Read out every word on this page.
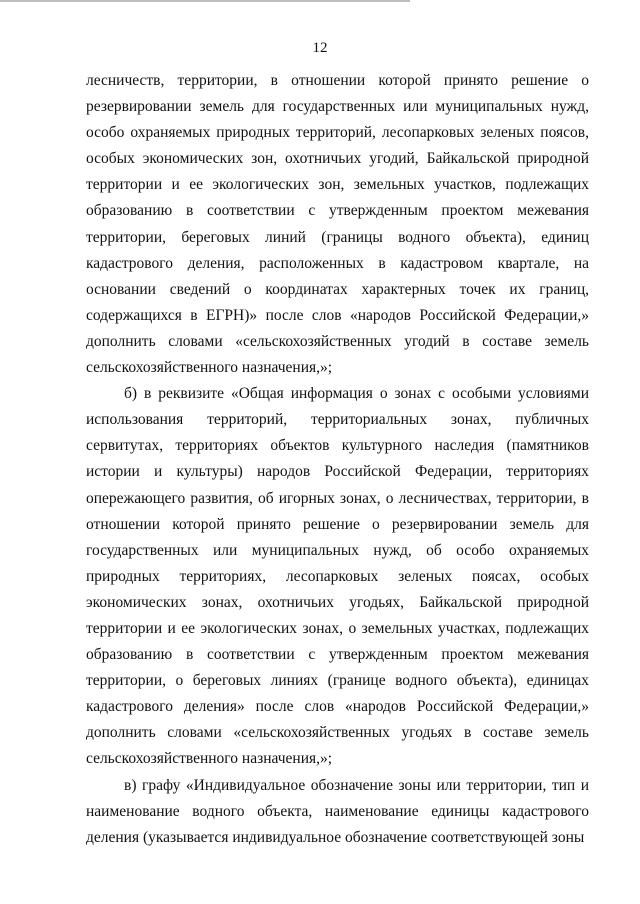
12

лесничеств, территории, в отношении которой принято решение о резервировании земель для государственных или муниципальных нужд, особо охраняемых природных территорий, лесопарковых зеленых поясов, особых экономических зон, охотничьих угодий, Байкальской природной территории и ее экологических зон, земельных участков, подлежащих образованию в соответствии с утвержденным проектом межевания территории, береговых линий (границы водного объекта), единиц кадастрового деления, расположенных в кадастровом квартале, на основании сведений о координатах характерных точек их границ, содержащихся в ЕГРН)» после слов «народов Российской Федерации,» дополнить словами «сельскохозяйственных угодий в составе земель сельскохозяйственного назначения,»;

б) в реквизите «Общая информация о зонах с особыми условиями использования территорий, территориальных зонах, публичных сервитутах, территориях объектов культурного наследия (памятников истории и культуры) народов Российской Федерации, территориях опережающего развития, об игорных зонах, о лесничествах, территории, в отношении которой принято решение о резервировании земель для государственных или муниципальных нужд, об особо охраняемых природных территориях, лесопарковых зеленых поясах, особых экономических зонах, охотничьих угодьях, Байкальской природной территории и ее экологических зонах, о земельных участках, подлежащих образованию в соответствии с утвержденным проектом межевания территории, о береговых линиях (границе водного объекта), единицах кадастрового деления» после слов «народов Российской Федерации,» дополнить словами «сельскохозяйственных угодьях в составе земель сельскохозяйственного назначения,»;

в) графу «Индивидуальное обозначение зоны или территории, тип и наименование водного объекта, наименование единицы кадастрового деления (указывается индивидуальное обозначение соответствующей зоны
